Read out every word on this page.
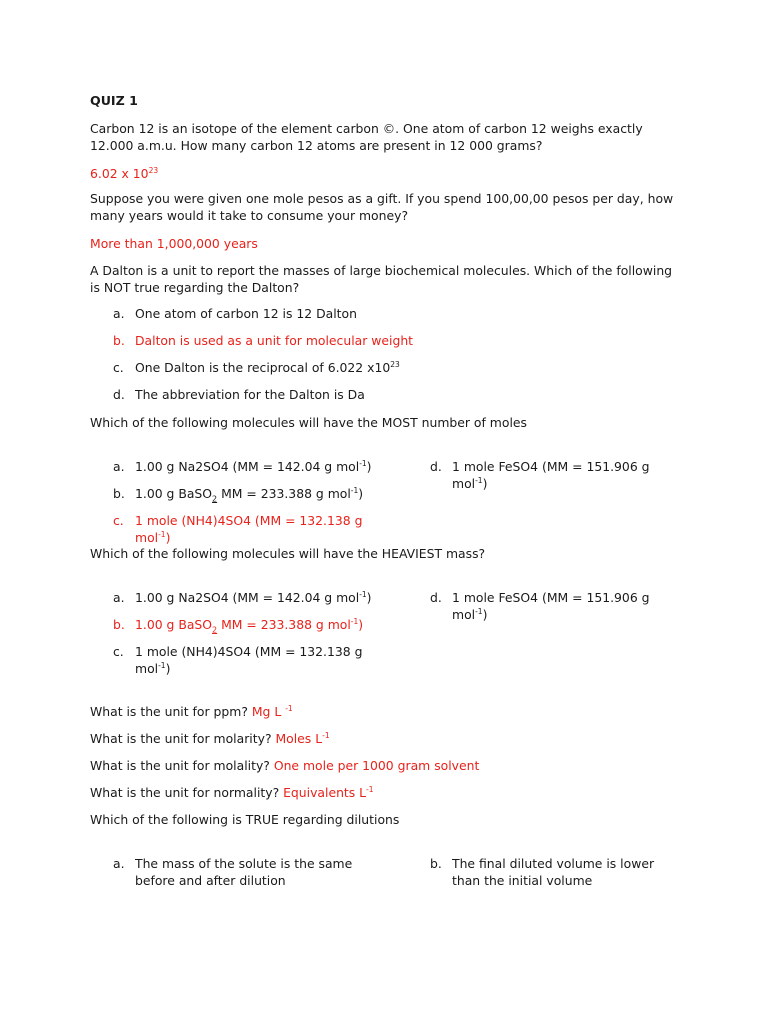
QUIZ 1

Carbon 12 is an isotope of the element carbon ©. One atom of carbon 12 weighs exactly

12.000 a.m.u. How many carbon 12 atoms are present in 12 000 grams?

6.02 x $10^{23}$

Suppose you were given one mole pesos as a gift. If you spend 100,00,00 pesos per day, how

many years would it take to consume your money?

More than 1,000,000 years

A Dalton is a unit to report the masses of large biochemical molecules. Which of the following

is NOT true regarding the Dalton?

a. One atom of carbon 12 is 12 Dalton
b. Dalton is used as a unit for molecular weight
c. One Dalton is the reciprocal of 6.022 $x10^{23}$
d. The abbreviation for the Dalton is Da

Which of the following molecules will have the MOST number of moles

a. 1.00 g Na2SO4 (MM = 142.04 g mol$^{-1}$)
b. 1.00 g BaSO$_2$ MM = 233.388 g mol$^{-1}$)
c. 1 mole (NH4)4SO4 (MM = 132.138 g
mol$^{-1}$)
d. 1 mole FeSO4 (MM = 151.906 g
mol$^{-1}$)

Which of the following molecules will have the HEAVIEST mass?

a. 1.00 g Na2SO4 (MM = 142.04 g mol$^{-1}$)
b. 1.00 g BaSO$_2$ MM = 233.388 g mol$^{-1}$)
c. 1 mole (NH4)4SO4 (MM = 132.138 g
mol$^{-1}$)
d. 1 mole FeSO4 (MM = 151.906 g
mol$^{-1}$)

What is the unit for ppm? Mg L $^{-1}$

What is the unit for molarity? Moles $L^{-1}$

What is the unit for molality? One mole per 1000 gram solvent

What is the unit for normality? Equivalents $L^{-1}$

Which of the following is TRUE regarding dilutions

a. The mass of the solute is the same
before and after dilution
b. The final diluted volume is lower
than the initial volume
